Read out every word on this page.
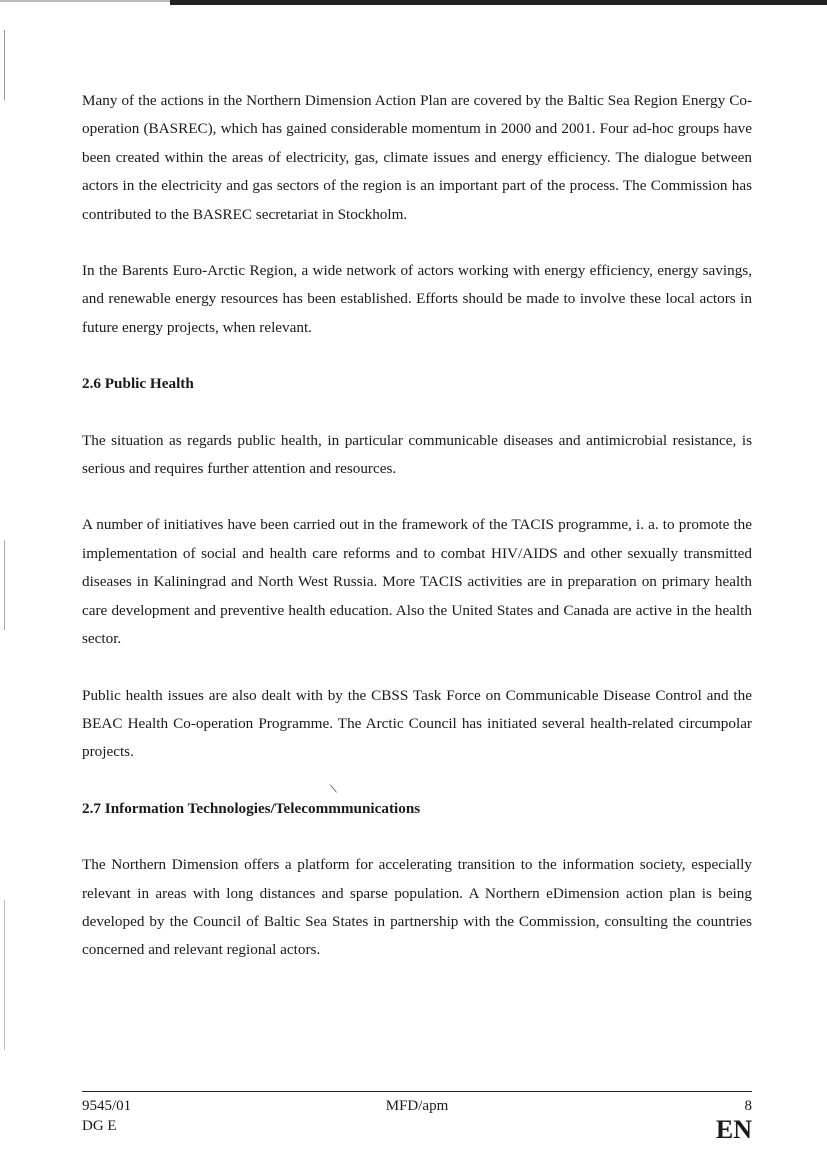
Many of the actions in the Northern Dimension Action Plan are covered by the Baltic Sea Region Energy Co-operation (BASREC), which has gained considerable momentum in 2000 and 2001. Four ad-hoc groups have been created within the areas of electricity, gas, climate issues and energy efficiency. The dialogue between actors in the electricity and gas sectors of the region is an important part of the process. The Commission has contributed to the BASREC secretariat in Stockholm.

In the Barents Euro-Arctic Region, a wide network of actors working with energy efficiency, energy savings, and renewable energy resources has been established. Efforts should be made to involve these local actors in future energy projects, when relevant.

2.6 Public Health

The situation as regards public health, in particular communicable diseases and antimicrobial resistance, is serious and requires further attention and resources.

A number of initiatives have been carried out in the framework of the TACIS programme, i. a. to promote the implementation of social and health care reforms and to combat HIV/AIDS and other sexually transmitted diseases in Kaliningrad and North West Russia. More TACIS activities are in preparation on primary health care development and preventive health education. Also the United States and Canada are active in the health sector.

Public health issues are also dealt with by the CBSS Task Force on Communicable Disease Control and the BEAC Health Co-operation Programme. The Arctic Council has initiated several health-related circumpolar projects.

2.7 Information Technologies/Telecommmunications

The Northern Dimension offers a platform for accelerating transition to the information society, especially relevant in areas with long distances and sparse population. A Northern eDimension action plan is being developed by the Council of Baltic Sea States in partnership with the Commission, consulting the countries concerned and relevant regional actors.

\
9545/01
DG E
MFD/apm	8
EN
